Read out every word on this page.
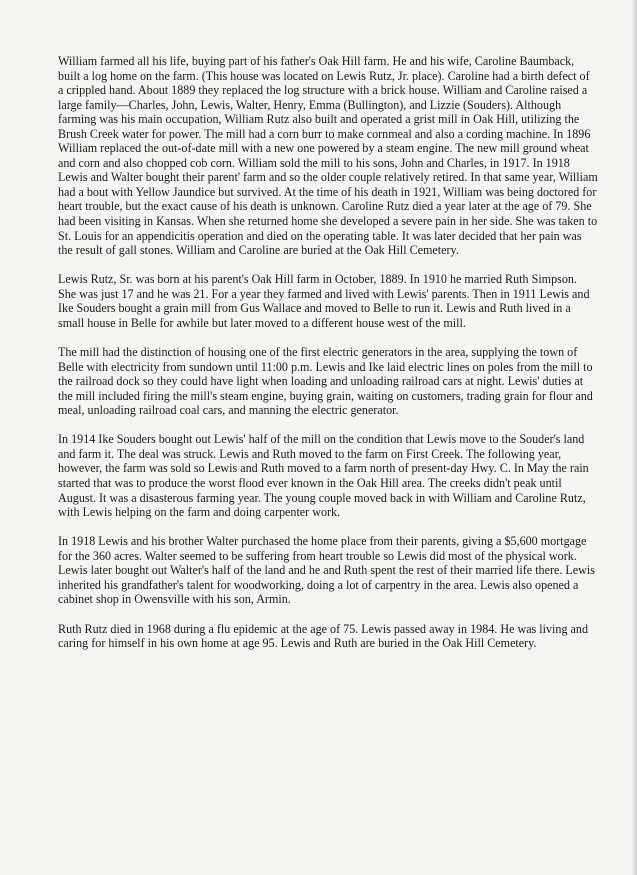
William farmed all his life, buying part of his father's Oak Hill farm. He and his wife, Caroline Baumback, built a log home on the farm. (This house was located on Lewis Rutz, Jr. place). Caroline had a birth defect of a crippled hand. About 1889 they replaced the log structure with a brick house. William and Caroline raised a large family—Charles, John, Lewis, Walter, Henry, Emma (Bullington), and Lizzie (Souders). Although farming was his main occupation, William Rutz also built and operated a grist mill in Oak Hill, utilizing the Brush Creek water for power. The mill had a corn burr to make cornmeal and also a cording machine. In 1896 William replaced the out-of-date mill with a new one powered by a steam engine. The new mill ground wheat and corn and also chopped cob corn. William sold the mill to his sons, John and Charles, in 1917. In 1918 Lewis and Walter bought their parent' farm and so the older couple relatively retired. In that same year, William had a bout with Yellow Jaundice but survived. At the time of his death in 1921, William was being doctored for heart trouble, but the exact cause of his death is unknown. Caroline Rutz died a year later at the age of 79. She had been visiting in Kansas. When she returned home she developed a severe pain in her side. She was taken to St. Louis for an appendicitis operation and died on the operating table. It was later decided that her pain was the result of gall stones. William and Caroline are buried at the Oak Hill Cemetery.

Lewis Rutz, Sr. was born at his parent's Oak Hill farm in October, 1889. In 1910 he married Ruth Simpson. She was just 17 and he was 21. For a year they farmed and lived with Lewis' parents. Then in 1911 Lewis and Ike Souders bought a grain mill from Gus Wallace and moved to Belle to run it. Lewis and Ruth lived in a small house in Belle for awhile but later moved to a different house west of the mill.

The mill had the distinction of housing one of the first electric generators in the area, supplying the town of Belle with electricity from sundown until 11:00 p.m. Lewis and Ike laid electric lines on poles from the mill to the railroad dock so they could have light when loading and unloading railroad cars at night. Lewis' duties at the mill included firing the mill's steam engine, buying grain, waiting on customers, trading grain for flour and meal, unloading railroad coal cars, and manning the electric generator.

In 1914 Ike Souders bought out Lewis' half of the mill on the condition that Lewis move to the Souder's land and farm it. The deal was struck. Lewis and Ruth moved to the farm on First Creek. The following year, however, the farm was sold so Lewis and Ruth moved to a farm north of present-day Hwy. C. In May the rain started that was to produce the worst flood ever known in the Oak Hill area. The creeks didn't peak until August. It was a disasterous farming year. The young couple moved back in with William and Caroline Rutz, with Lewis helping on the farm and doing carpenter work.

In 1918 Lewis and his brother Walter purchased the home place from their parents, giving a $5,600 mortgage for the 360 acres. Walter seemed to be suffering from heart trouble so Lewis did most of the physical work. Lewis later bought out Walter's half of the land and he and Ruth spent the rest of their married life there. Lewis inherited his grandfather's talent for woodworking, doing a lot of carpentry in the area. Lewis also opened a cabinet shop in Owensville with his son, Armin.

Ruth Rutz died in 1968 during a flu epidemic at the age of 75. Lewis passed away in 1984. He was living and caring for himself in his own home at age 95. Lewis and Ruth are buried in the Oak Hill Cemetery.
